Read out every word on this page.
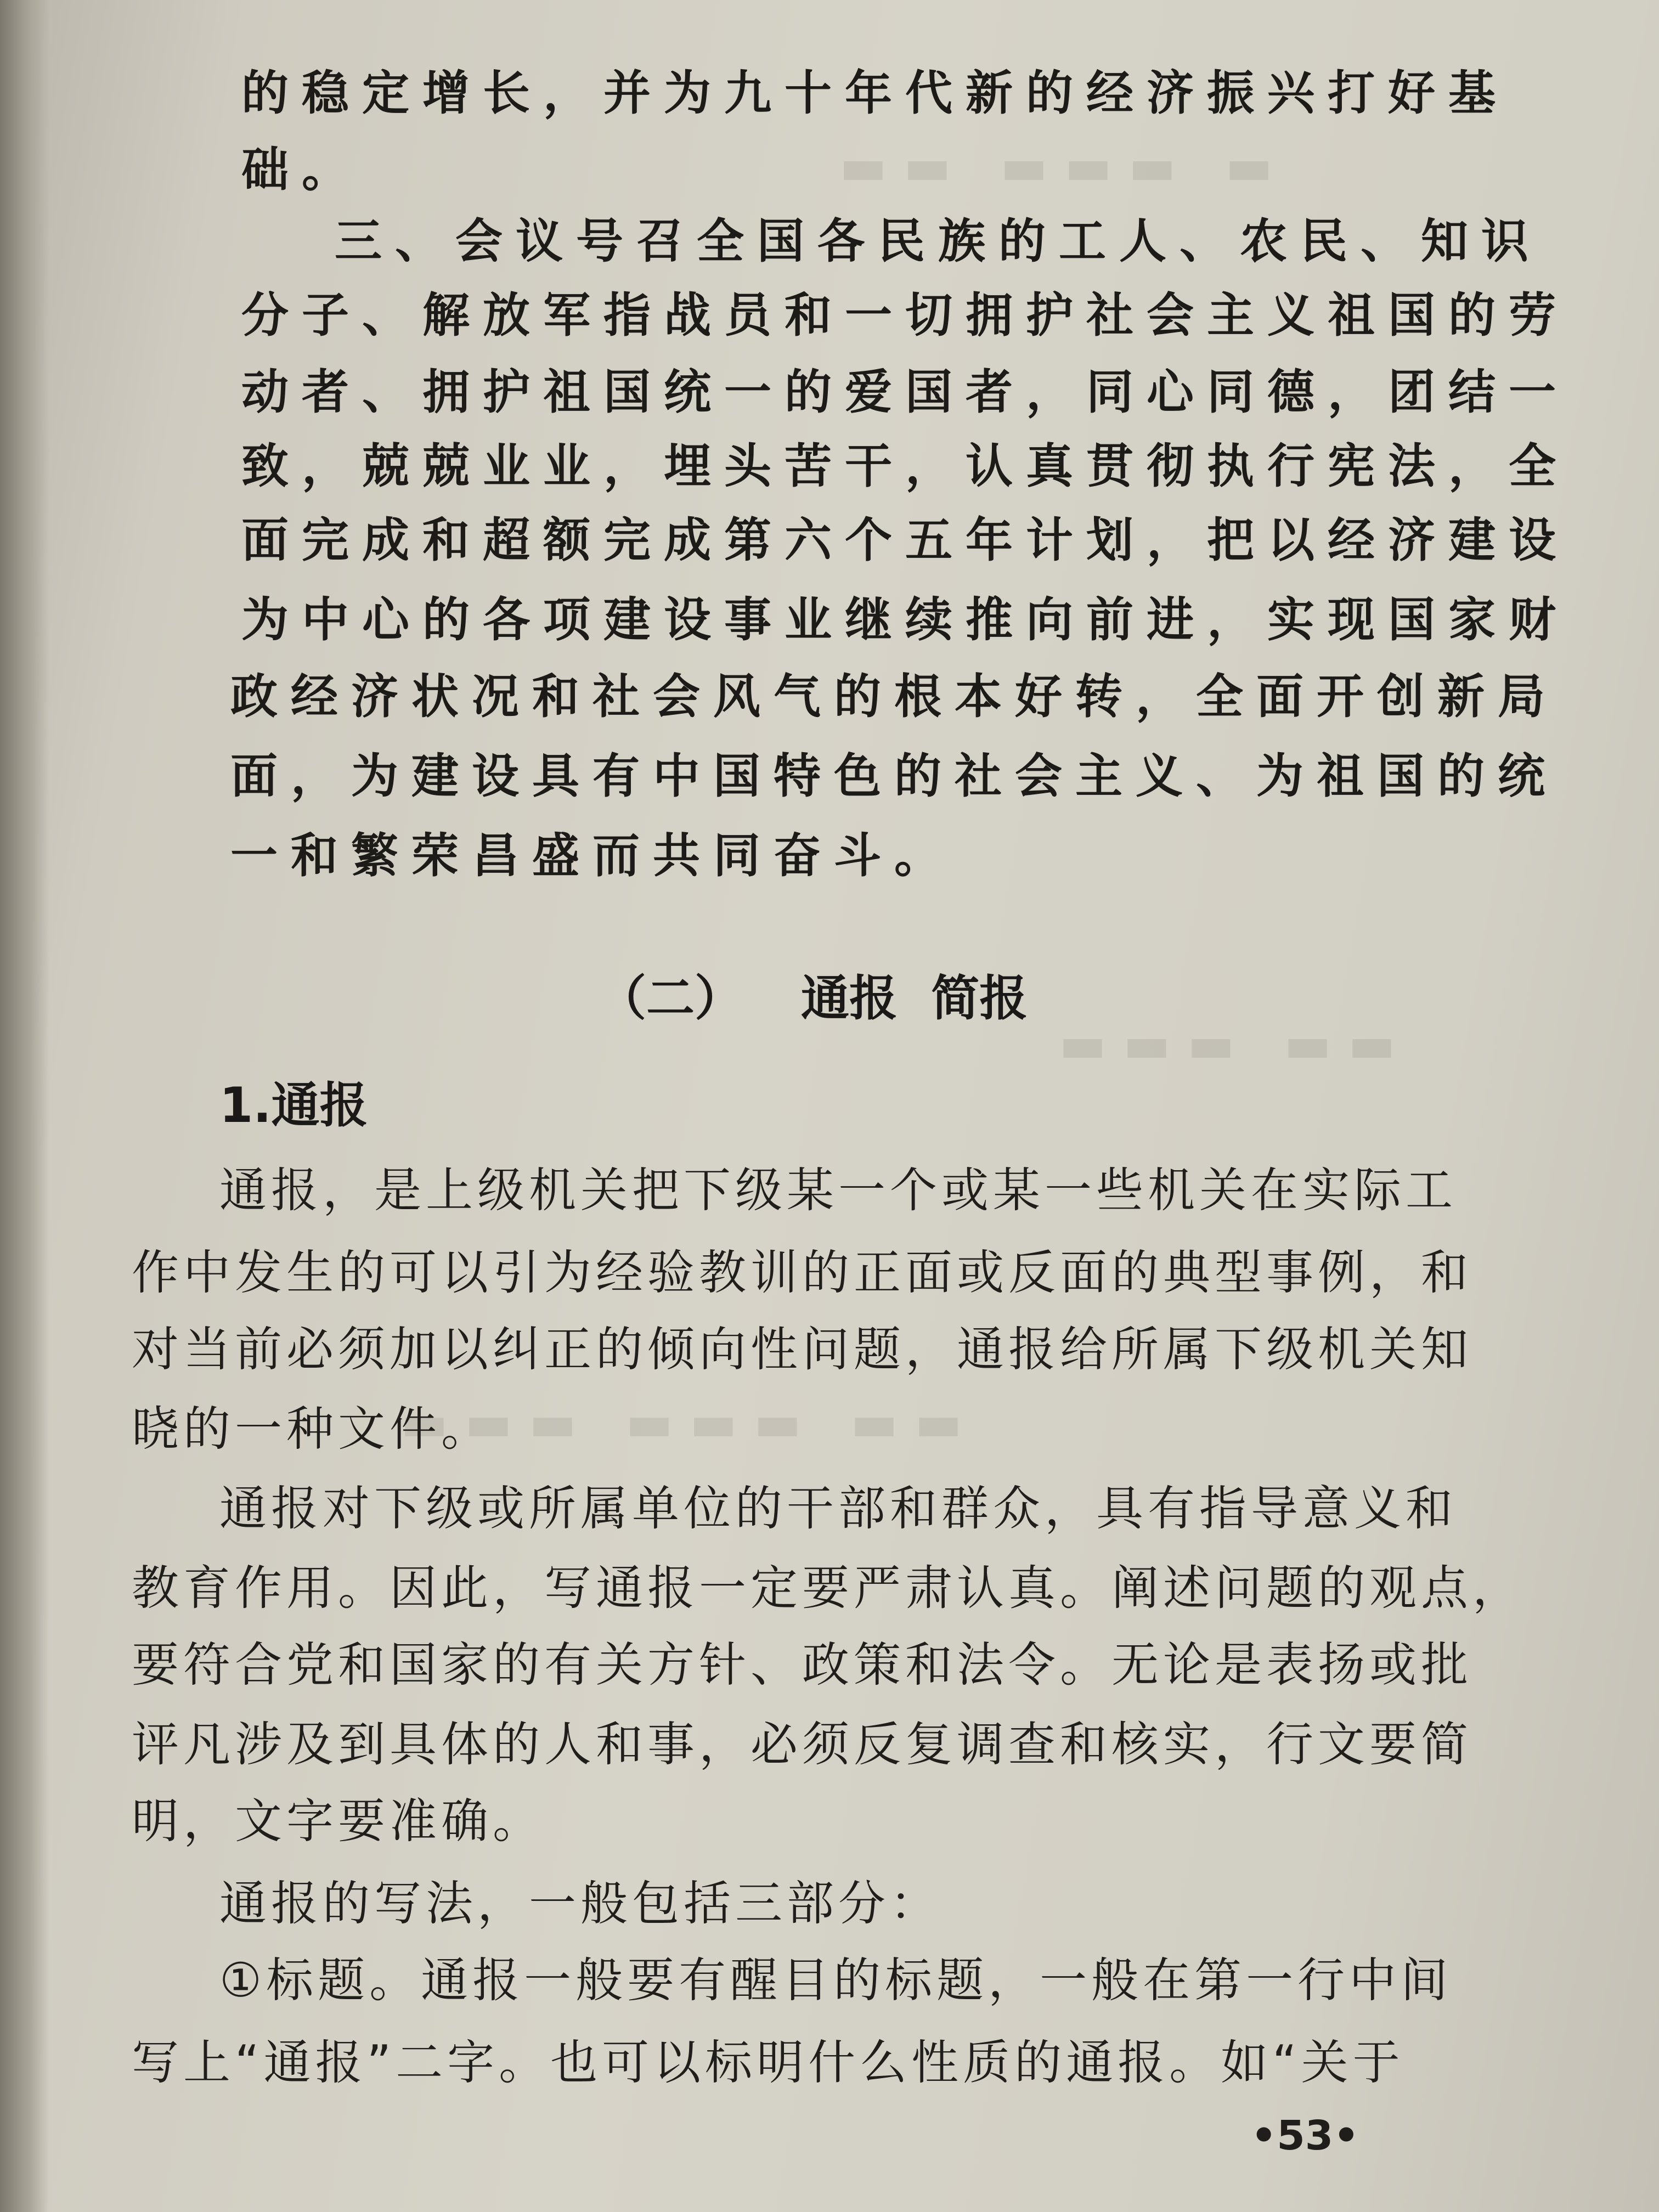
▬ ▬▬▬ ▬▬
▬▬ ▬▬▬
▬▬ ▬▬▬ ▬▬▬

的稳定增长，并为九十年代新的经济振兴打好基

础。

三、会议号召全国各民族的工人、农民、知识

分子、解放军指战员和一切拥护社会主义祖国的劳

动者、拥护祖国统一的爱国者，同心同德，团结一

致，兢兢业业，埋头苦干，认真贯彻执行宪法，全

面完成和超额完成第六个五年计划，把以经济建设

为中心的各项建设事业继续推向前进，实现国家财

政经济状况和社会风气的根本好转，全面开创新局

面，为建设具有中国特色的社会主义、为祖国的统

一和繁荣昌盛而共同奋斗。

（二） 通报  简报

1.通报

通报，是上级机关把下级某一个或某一些机关在实际工

作中发生的可以引为经验教训的正面或反面的典型事例，和

对当前必须加以纠正的倾向性问题，通报给所属下级机关知

晓的一种文件。

通报对下级或所属单位的干部和群众，具有指导意义和

教育作用。因此，写通报一定要严肃认真。阐述问题的观点，

要符合党和国家的有关方针、政策和法令。无论是表扬或批

评凡涉及到具体的人和事，必须反复调查和核实，行文要简

明，文字要准确。

通报的写法，一般包括三部分：

①标题。通报一般要有醒目的标题，一般在第一行中间

写上“通报”二字。也可以标明什么性质的通报。如“关于

•53•
